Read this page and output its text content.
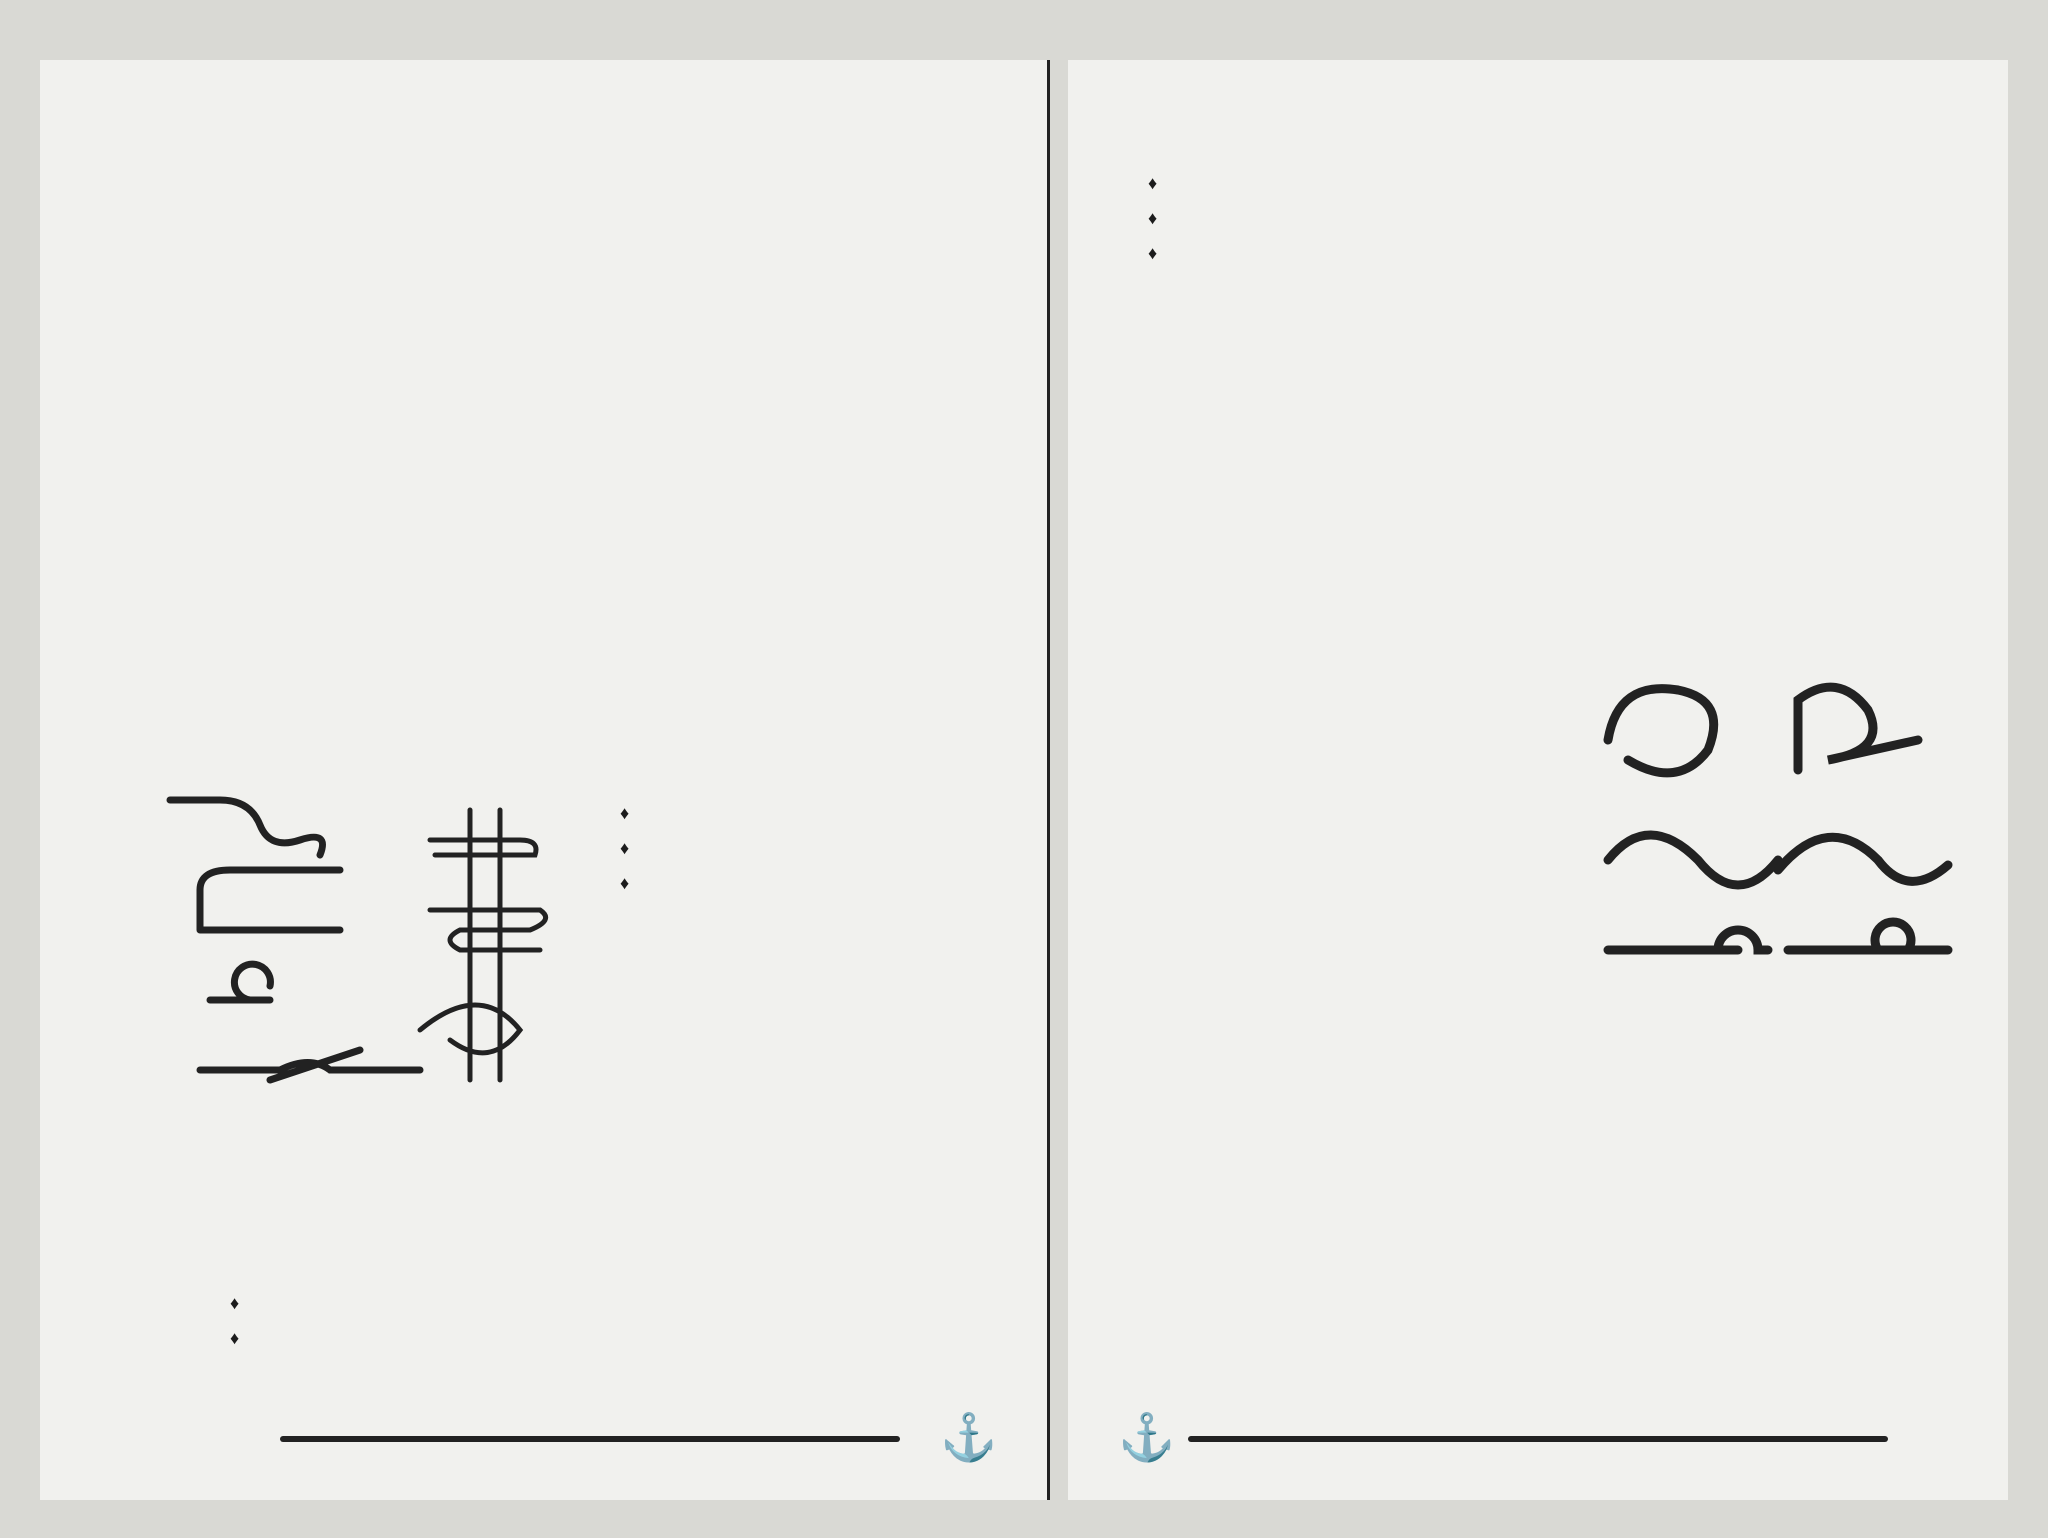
♦
♦
♦
♦
♦
⚓
♦
♦
♦

⚓
